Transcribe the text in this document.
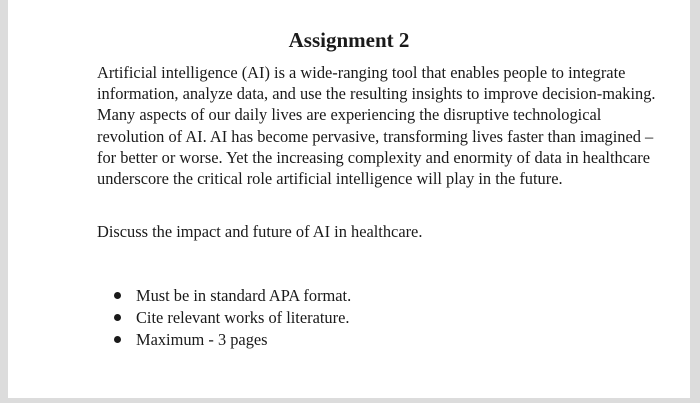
Assignment 2

Artificial intelligence (AI) is a wide-ranging tool that enables people to integrate information, analyze data, and use the resulting insights to improve decision-making. Many aspects of our daily lives are experiencing the disruptive technological revolution of AI. AI has become pervasive, transforming lives faster than imagined – for better or worse. Yet the increasing complexity and enormity of data in healthcare underscore the critical role artificial intelligence will play in the future.

Discuss the impact and future of AI in healthcare.

Must be in standard APA format.
Cite relevant works of literature.
Maximum - 3 pages
